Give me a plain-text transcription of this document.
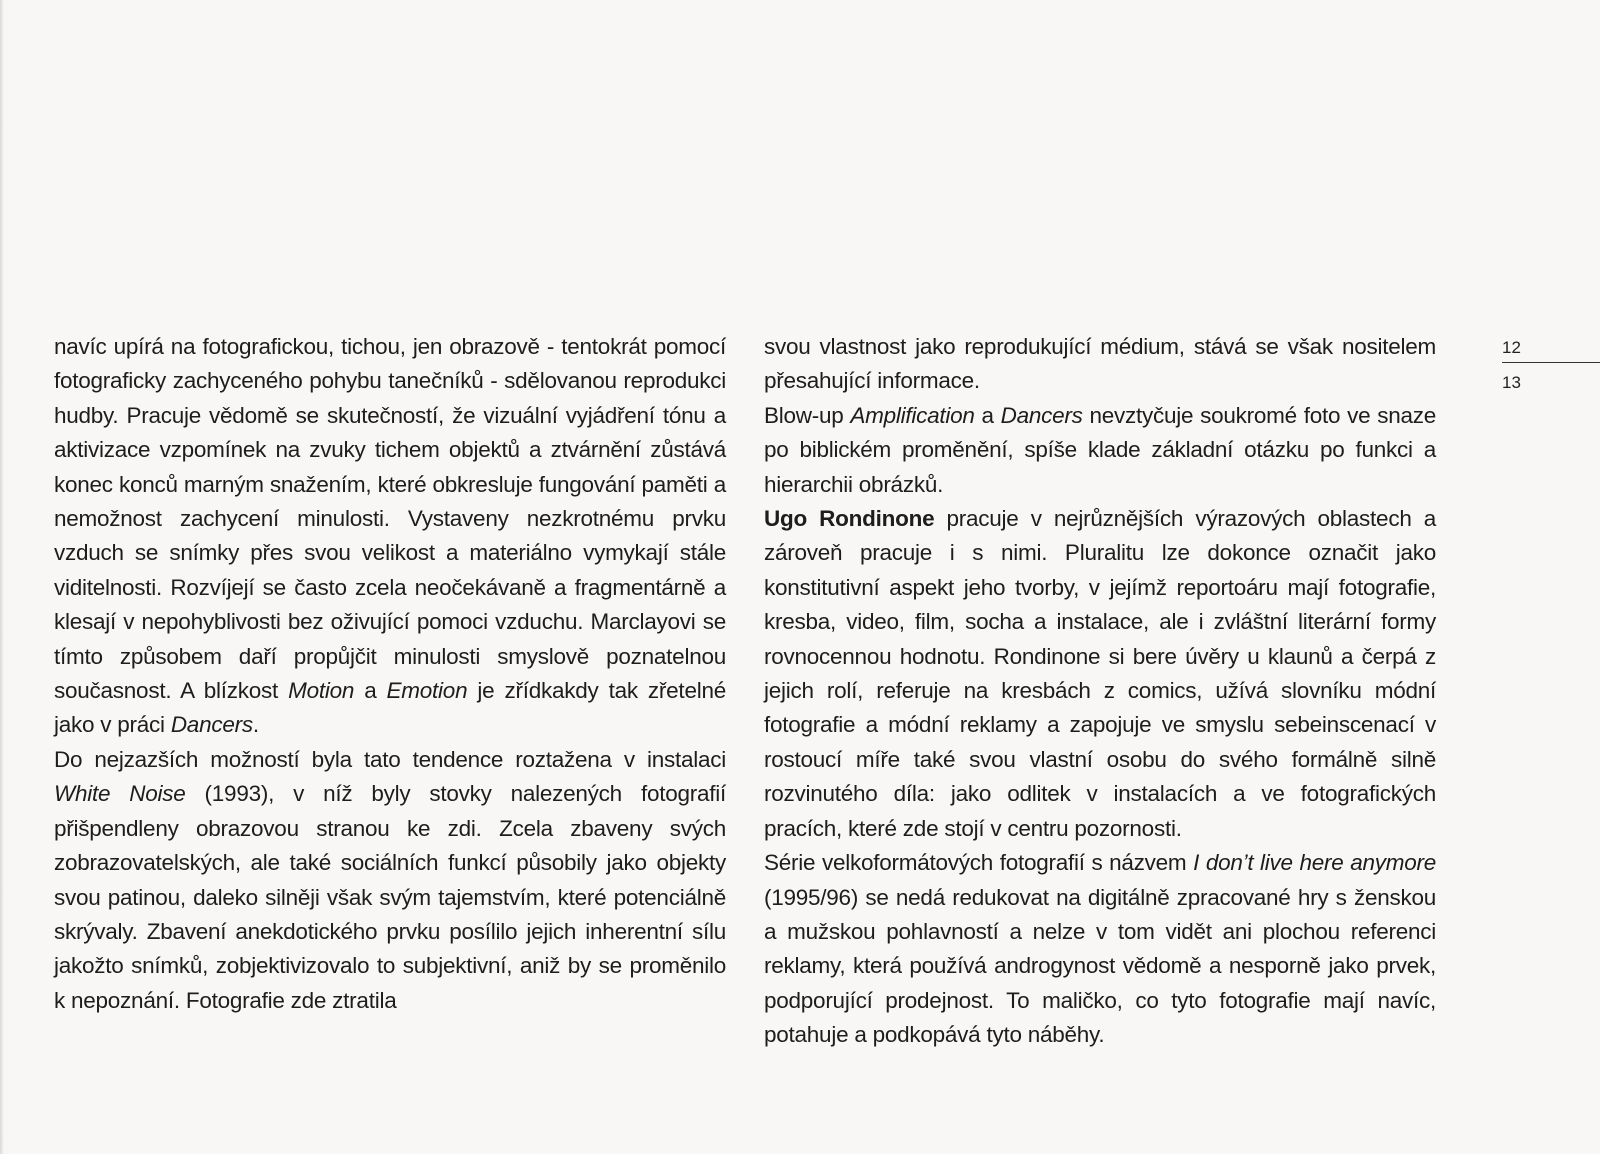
navíc upírá na fotografickou, tichou, jen obrazově - tentokrát pomocí fotograficky zachyceného pohybu tanečníků - sdělovanou reprodukci hudby. Pracuje vědomě se skutečností, že vizuální vyjádření tónu a aktivizace vzpomínek na zvuky tichem objektů a ztvárnění zůstává konec konců marným snažením, které obkresluje fungování paměti a nemožnost zachycení minulosti. Vystaveny nezkrotnému prvku vzduch se snímky přes svou velikost a materiálno vymykají stále viditelnosti. Rozvíjejí se často zcela neočekávaně a fragmentárně a klesají v nepohyblivosti bez oživující pomoci vzduchu. Marclayovi se tímto způsobem daří propůjčit minulosti smyslově poznatelnou současnost. A blízkost Motion a Emotion je zřídkakdy tak zřetelné jako v práci Dancers.

Do nejzazších možností byla tato tendence roztažena v instalaci White Noise (1993), v níž byly stovky nalezených fotografií přišpendleny obrazovou stranou ke zdi. Zcela zbaveny svých zobrazovatelských, ale také sociálních funkcí působily jako objekty svou patinou, daleko silněji však svým tajemstvím, které potenciálně skrývaly. Zbavení anekdotického prvku posílilo jejich inherentní sílu jakožto snímků, zobjektivizovalo to subjektivní, aniž by se proměnilo k nepoznání. Fotografie zde ztratila

svou vlastnost jako reprodukující médium, stává se však nositelem přesahující informace.

Blow-up Amplification a Dancers nevztyčuje soukromé foto ve snaze po biblickém proměnění, spíše klade základní otázku po funkci a hierarchii obrázků.

Ugo Rondinone pracuje v nejrůznějších výrazových oblastech a zároveň pracuje i s nimi. Pluralitu lze dokonce označit jako konstitutivní aspekt jeho tvorby, v jejímž reportoáru mají fotografie, kresba, video, film, socha a instalace, ale i zvláštní literární formy rovnocennou hodnotu. Rondinone si bere úvěry u klaunů a čerpá z jejich rolí, referuje na kresbách z comics, užívá slovníku módní fotografie a módní reklamy a zapojuje ve smyslu sebeinscenací v rostoucí míře také svou vlastní osobu do svého formálně silně rozvinutého díla: jako odlitek v instalacích a ve fotografických pracích, které zde stojí v centru pozornosti.

Série velkoformátových fotografií s názvem I don’t live here anymore (1995/96) se nedá redukovat na digitálně zpracované hry s ženskou a mužskou pohlavností a nelze v tom vidět ani plochou referenci reklamy, která používá androgynost vědomě a nesporně jako prvek, podporující prodejnost. To maličko, co tyto fotografie mají navíc, potahuje a podkopává tyto náběhy.

12
13
